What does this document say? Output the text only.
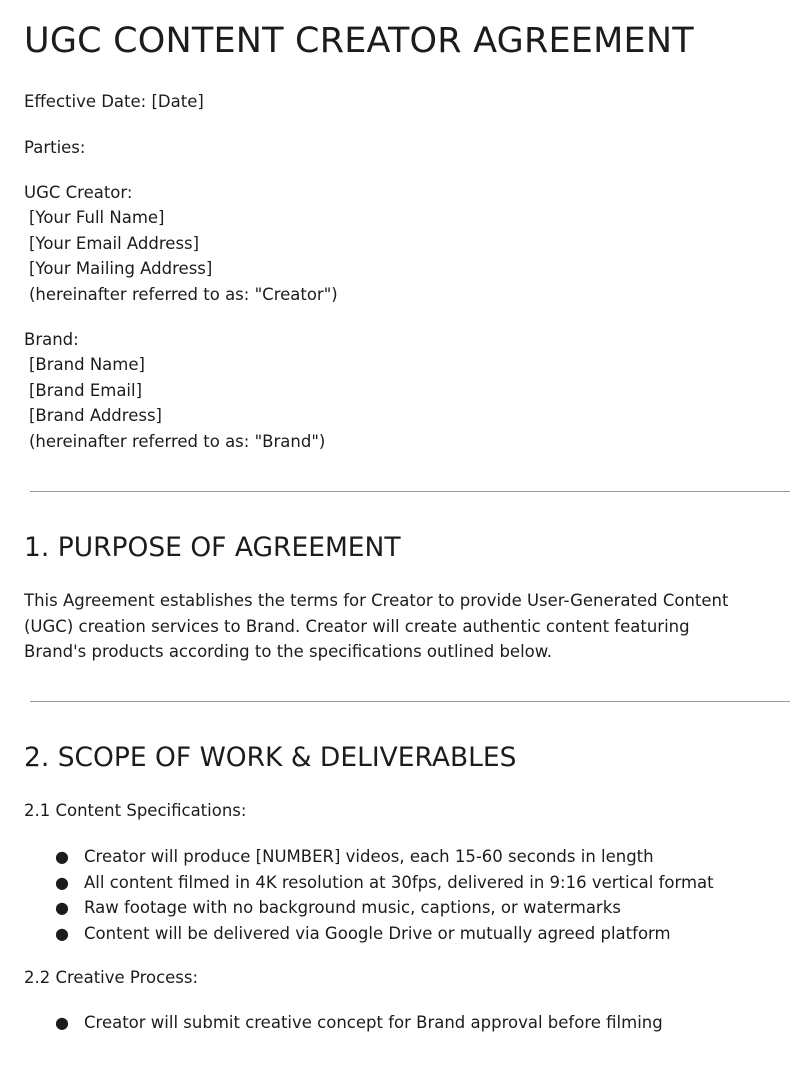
UGC CONTENT CREATOR AGREEMENT
Effective Date: [Date]
Parties:
UGC Creator:
[Your Full Name]
[Your Email Address]
[Your Mailing Address]
(hereinafter referred to as: "Creator")
Brand:
[Brand Name]
[Brand Email]
[Brand Address]
(hereinafter referred to as: "Brand")
1. PURPOSE OF AGREEMENT
This Agreement establishes the terms for Creator to provide User-Generated Content
(UGC) creation services to Brand. Creator will create authentic content featuring
Brand's products according to the specifications outlined below.
2. SCOPE OF WORK & DELIVERABLES
2.1 Content Specifications:
● Creator will produce [NUMBER] videos, each 15-60 seconds in length
● All content filmed in 4K resolution at 30fps, delivered in 9:16 vertical format
● Raw footage with no background music, captions, or watermarks
● Content will be delivered via Google Drive or mutually agreed platform
2.2 Creative Process:
● Creator will submit creative concept for Brand approval before filming
